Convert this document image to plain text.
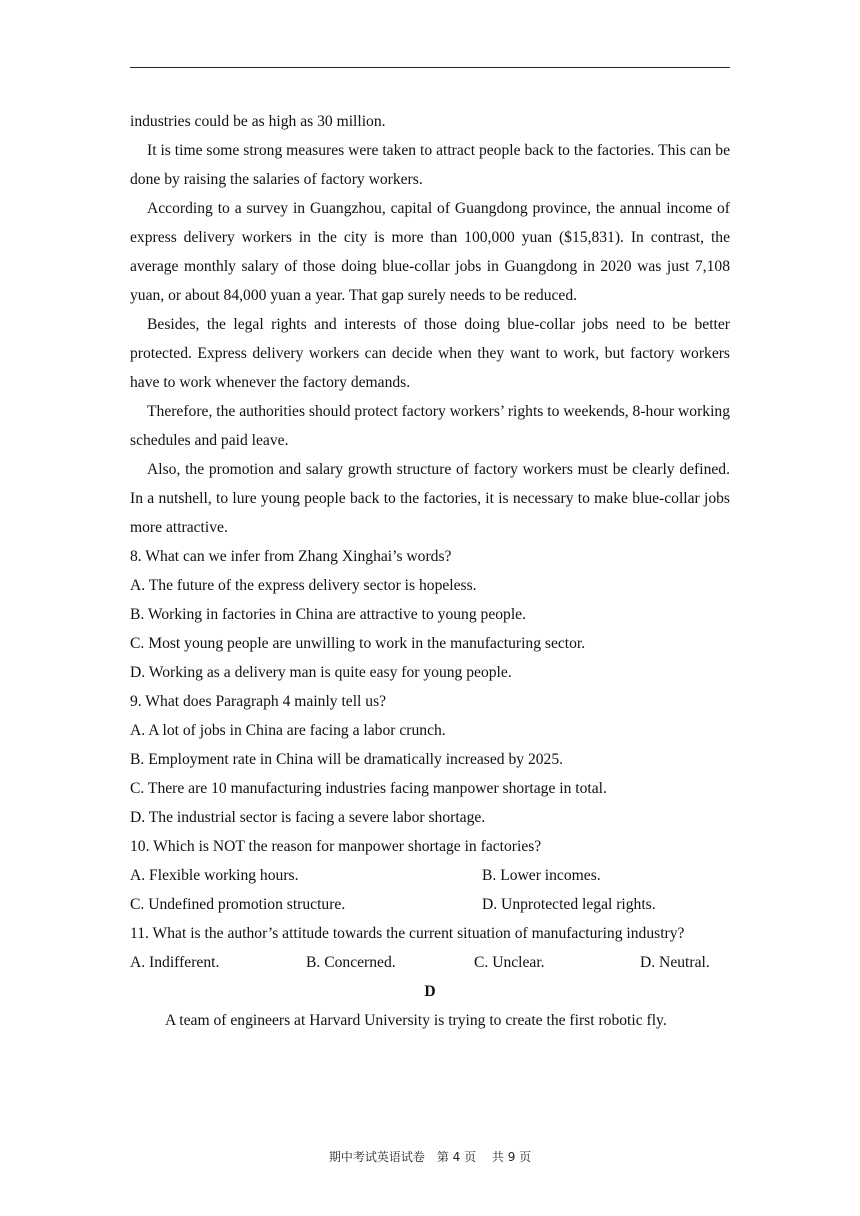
industries could be as high as 30 million.

It is time some strong measures were taken to attract people back to the factories. This can be done by raising the salaries of factory workers.

According to a survey in Guangzhou, capital of Guangdong province, the annual income of express delivery workers in the city is more than 100,000 yuan ($15,831). In contrast, the average monthly salary of those doing blue-collar jobs in Guangdong in 2020 was just 7,108 yuan, or about 84,000 yuan a year. That gap surely needs to be reduced.

Besides, the legal rights and interests of those doing blue-collar jobs need to be better protected. Express delivery workers can decide when they want to work, but factory workers have to work whenever the factory demands.

Therefore, the authorities should protect factory workers’ rights to weekends, 8-hour working schedules and paid leave.

Also, the promotion and salary growth structure of factory workers must be clearly defined. In a nutshell, to lure young people back to the factories, it is necessary to make blue-collar jobs more attractive.

8. What can we infer from Zhang Xinghai’s words?
A. The future of the express delivery sector is hopeless.
B. Working in factories in China are attractive to young people.
C. Most young people are unwilling to work in the manufacturing sector.
D. Working as a delivery man is quite easy for young people.
9. What does Paragraph 4 mainly tell us?
A. A lot of jobs in China are facing a labor crunch.
B. Employment rate in China will be dramatically increased by 2025.
C. There are 10 manufacturing industries facing manpower shortage in total.
D. The industrial sector is facing a severe labor shortage.
10. Which is NOT the reason for manpower shortage in factories?
A. Flexible working hours.	B. Lower incomes.
C. Undefined promotion structure.	D. Unprotected legal rights.

11. What is the author’s attitude towards the current situation of manufacturing industry?

A. Indifferent.	B. Concerned.	C. Unclear.	D. Neutral.
D
A team of engineers at Harvard University is trying to create the first robotic fly.
期中考试英语试卷　第 4 页　 共 9 页
